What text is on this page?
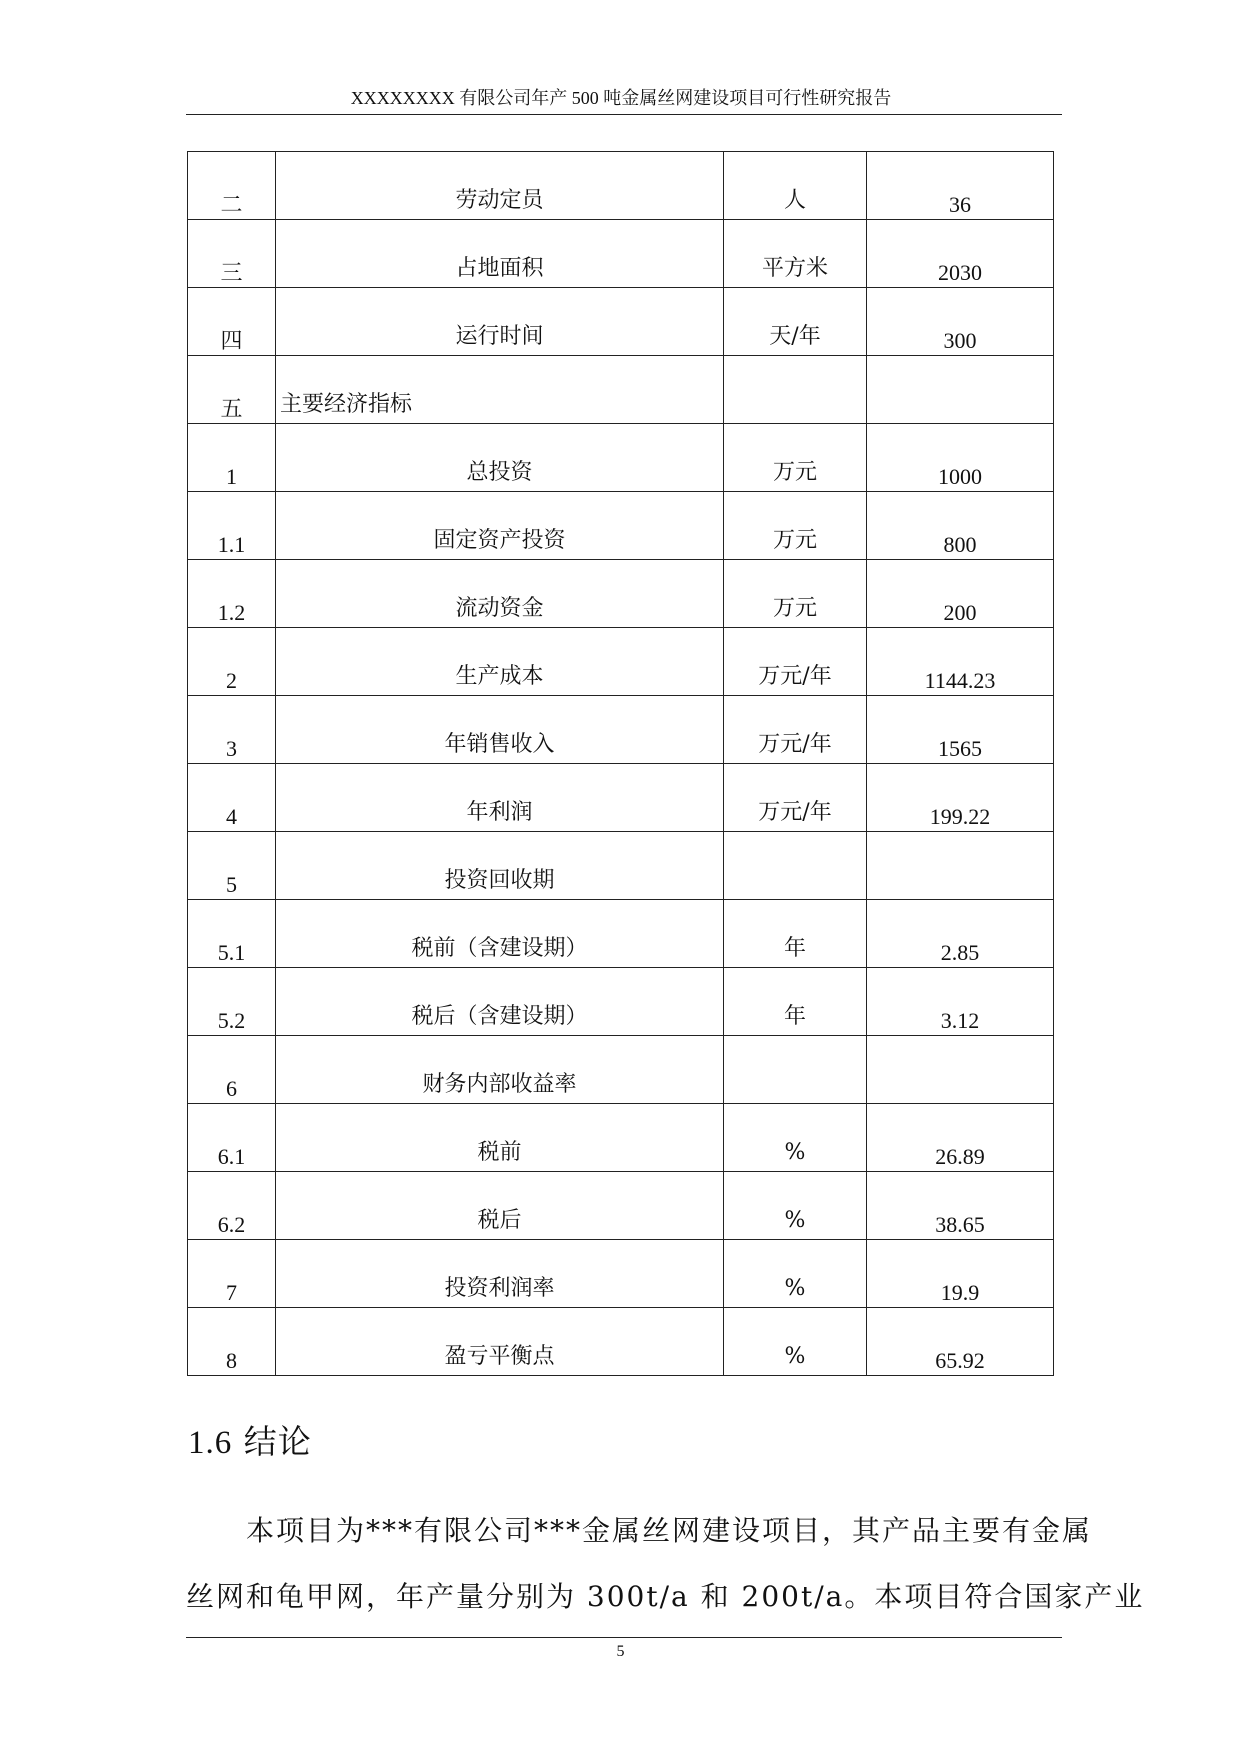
XXXXXXXX 有限公司年产 500 吨金属丝网建设项目可行性研究报告
二	劳动定员	人	36

三	占地面积	平方米	2030

四	运行时间	天/年	300

五	主要经济指标		

1	总投资	万元	1000

1.1	固定资产投资	万元	800

1.2	流动资金	万元	200

2	生产成本	万元/年	1144.23

3	年销售收入	万元/年	1565

4	年利润	万元/年	199.22

5	投资回收期		

5.1	税前（含建设期）	年	2.85

5.2	税后（含建设期）	年	3.12

6	财务内部收益率		

6.1	税前	%	26.89

6.2	税后	%	38.65

7	投资利润率	%	19.9

8	盈亏平衡点	%	65.92
1.6 结论
本项目为***有限公司***金属丝网建设项目，其产品主要有金属
丝网和龟甲网，年产量分别为 300t/a 和 200t/a。本项目符合国家产业
5
